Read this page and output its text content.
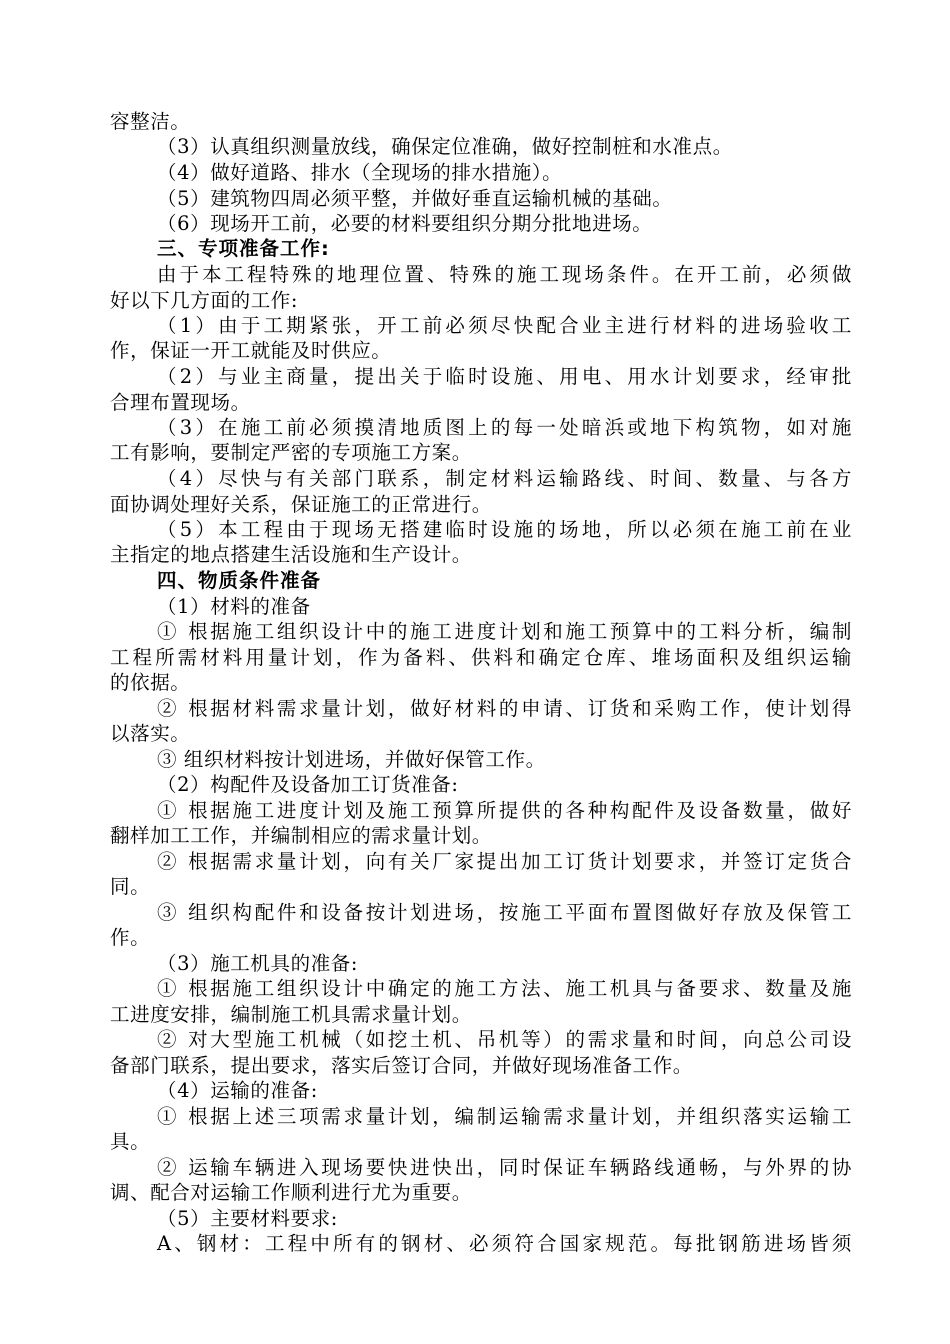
容整洁。
（3）认真组织测量放线，确保定位准确，做好控制桩和水准点。
（4）做好道路、排水（全现场的排水措施）。
（5）建筑物四周必须平整，并做好垂直运输机械的基础。
（6）现场开工前，必要的材料要组织分期分批地进场。
三、专项准备工作:
由于本工程特殊的地理位置、特殊的施工现场条件。在开工前，必须做
好以下几方面的工作:
（1）由于工期紧张，开工前必须尽快配合业主进行材料的进场验收工
作，保证一开工就能及时供应。
（2）与业主商量，提出关于临时设施、用电、用水计划要求，经审批
合理布置现场。
（3）在施工前必须摸清地质图上的每一处暗浜或地下构筑物，如对施
工有影响，要制定严密的专项施工方案。
（4）尽快与有关部门联系，制定材料运输路线、时间、数量、与各方
面协调处理好关系，保证施工的正常进行。
（5）本工程由于现场无搭建临时设施的场地，所以必须在施工前在业
主指定的地点搭建生活设施和生产设计。
四、物质条件准备
（1）材料的准备
① 根据施工组织设计中的施工进度计划和施工预算中的工料分析，编制
工程所需材料用量计划，作为备料、供料和确定仓库、堆场面积及组织运输
的依据。
② 根据材料需求量计划，做好材料的申请、订货和采购工作，使计划得
以落实。
③ 组织材料按计划进场，并做好保管工作。
（2）构配件及设备加工订货准备:
① 根据施工进度计划及施工预算所提供的各种构配件及设备数量，做好
翻样加工工作，并编制相应的需求量计划。
② 根据需求量计划，向有关厂家提出加工订货计划要求，并签订定货合
同。
③ 组织构配件和设备按计划进场，按施工平面布置图做好存放及保管工
作。
（3）施工机具的准备:
① 根据施工组织设计中确定的施工方法、施工机具与备要求、数量及施
工进度安排，编制施工机具需求量计划。
② 对大型施工机械（如挖土机、吊机等）的需求量和时间，向总公司设
备部门联系，提出要求，落实后签订合同，并做好现场准备工作。
（4）运输的准备:
① 根据上述三项需求量计划，编制运输需求量计划，并组织落实运输工
具。
② 运输车辆进入现场要快进快出，同时保证车辆路线通畅，与外界的协
调、配合对运输工作顺利进行尤为重要。
（5）主要材料要求:
A、钢材：工程中所有的钢材、必须符合国家规范。每批钢筋进场皆须
